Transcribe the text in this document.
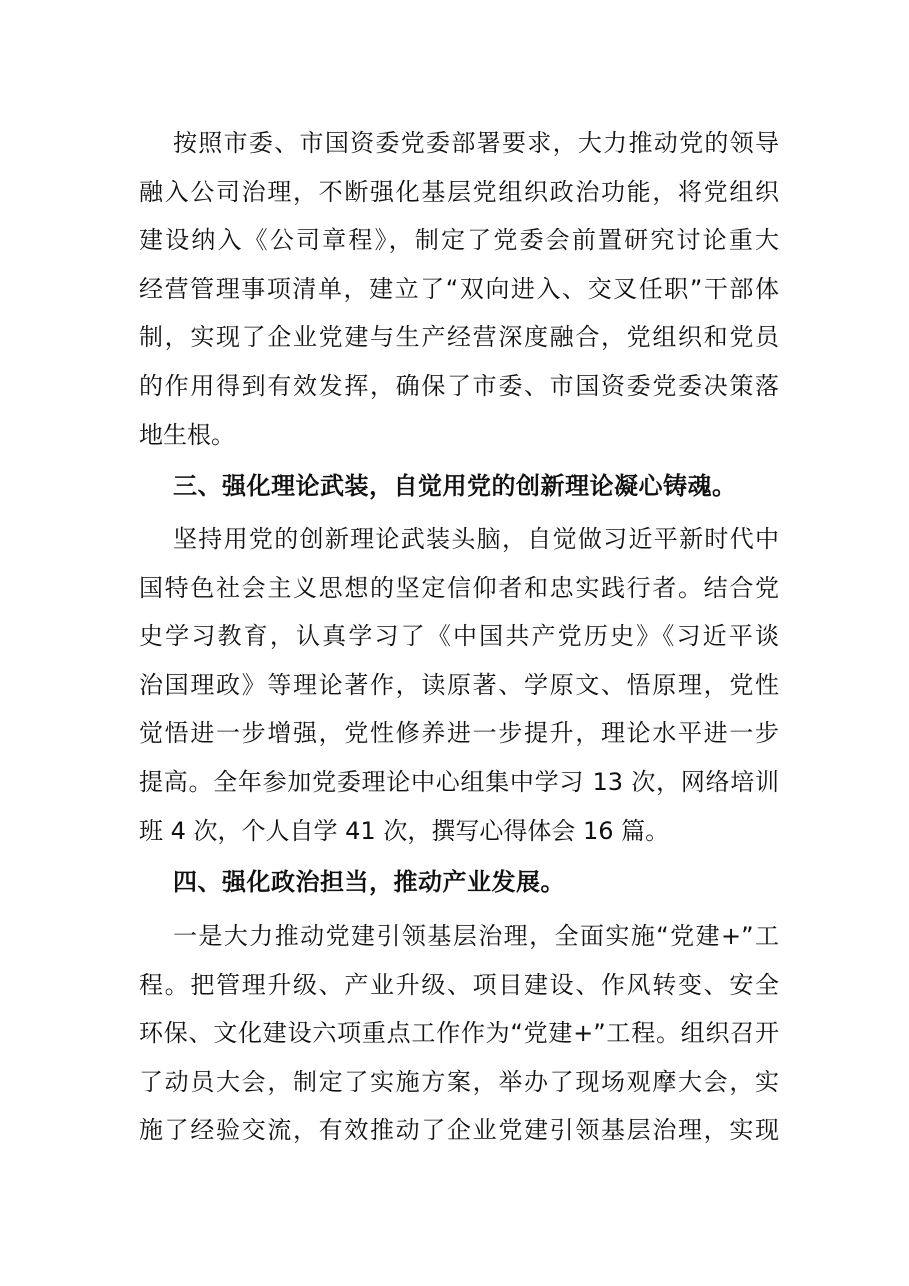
按照市委、市国资委党委部署要求，大力推动党的领导
融入公司治理，不断强化基层党组织政治功能，将党组织
建设纳入《公司章程》，制定了党委会前置研究讨论重大
经营管理事项清单，建立了“双向进入、交叉任职”干部体
制，实现了企业党建与生产经营深度融合，党组织和党员
的作用得到有效发挥，确保了市委、市国资委党委决策落
地生根。
三、强化理论武装，自觉用党的创新理论凝心铸魂。
坚持用党的创新理论武装头脑，自觉做习近平新时代中
国特色社会主义思想的坚定信仰者和忠实践行者。结合党
史学习教育，认真学习了《中国共产党历史》《习近平谈
治国理政》等理论著作，读原著、学原文、悟原理，党性
觉悟进一步增强，党性修养进一步提升，理论水平进一步
提高。全年参加党委理论中心组集中学习 13 次，网络培训
班 4 次，个人自学 41 次，撰写心得体会 16 篇。
四、强化政治担当，推动产业发展。
一是大力推动党建引领基层治理，全面实施“党建+”工
程。把管理升级、产业升级、项目建设、作风转变、安全
环保、文化建设六项重点工作作为“党建+”工程。组织召开
了动员大会，制定了实施方案，举办了现场观摩大会，实
施了经验交流，有效推动了企业党建引领基层治理，实现
